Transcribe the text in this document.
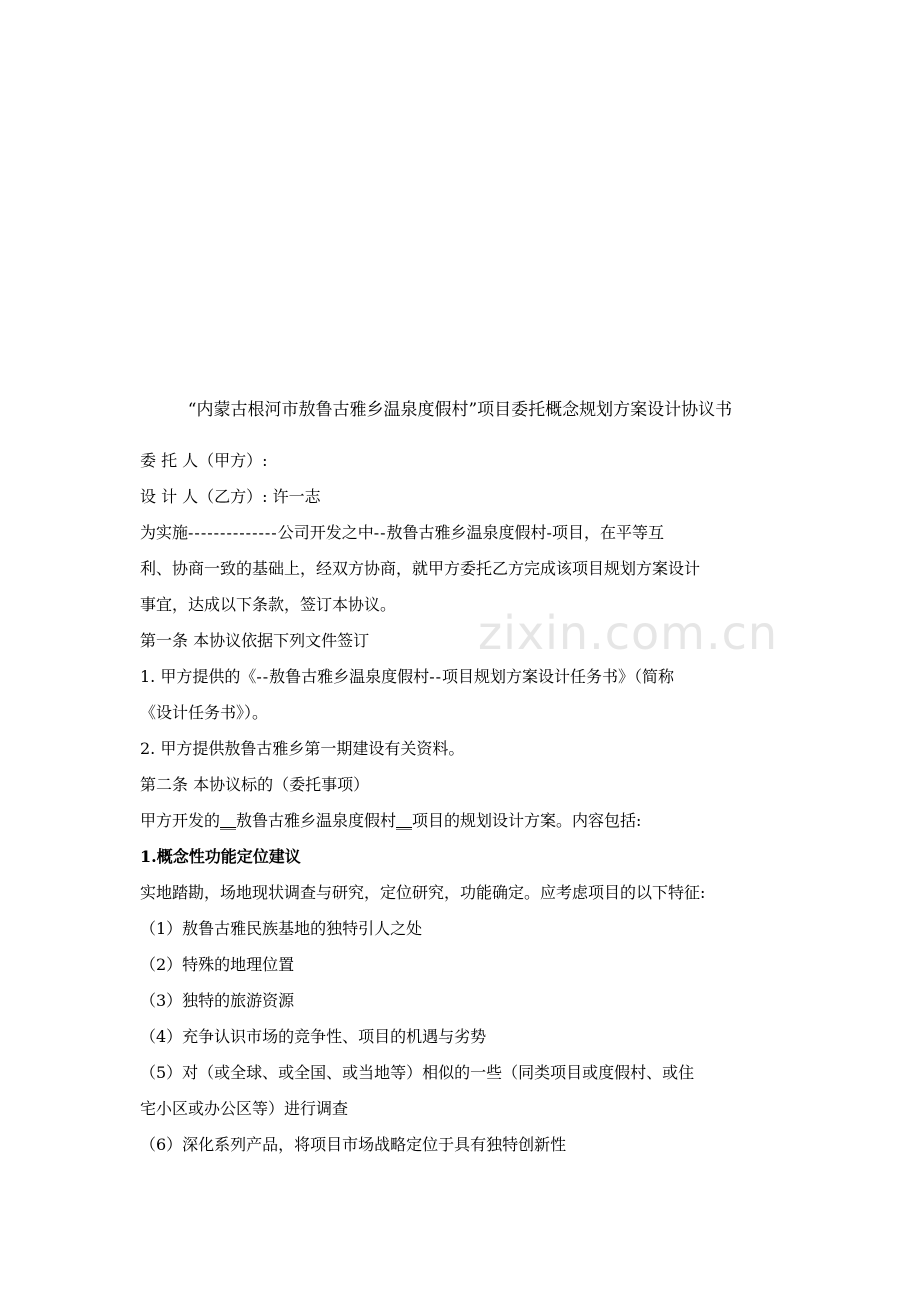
zixin.com.cn
“内蒙古根河市敖鲁古雅乡温泉度假村”项目委托概念规划方案设计协议书
委 托 人（甲方）:
设 计 人（乙方）: 许一志
为实施--------------公司开发之中--敖鲁古雅乡温泉度假村-项目，在平等互
利、协商一致的基础上，经双方协商，就甲方委托乙方完成该项目规划方案设计
事宜，达成以下条款，签订本协议。
第一条 本协议依据下列文件签订
1. 甲方提供的《--敖鲁古雅乡温泉度假村--项目规划方案设计任务书》（简称
《设计任务书》）。
2. 甲方提供敖鲁古雅乡第一期建设有关资料。
第二条 本协议标的（委托事项）
甲方开发的__敖鲁古雅乡温泉度假村__项目的规划设计方案。内容包括:
1.概念性功能定位建议
实地踏勘，场地现状调查与研究，定位研究，功能确定。应考虑项目的以下特征:
（1）敖鲁古雅民族基地的独特引人之处
（2）特殊的地理位置
（3）独特的旅游资源
（4）充争认识市场的竞争性、项目的机遇与劣势
（5）对（或全球、或全国、或当地等）相似的一些（同类项目或度假村、或住
宅小区或办公区等）进行调查
（6）深化系列产品，将项目市场战略定位于具有独特创新性
